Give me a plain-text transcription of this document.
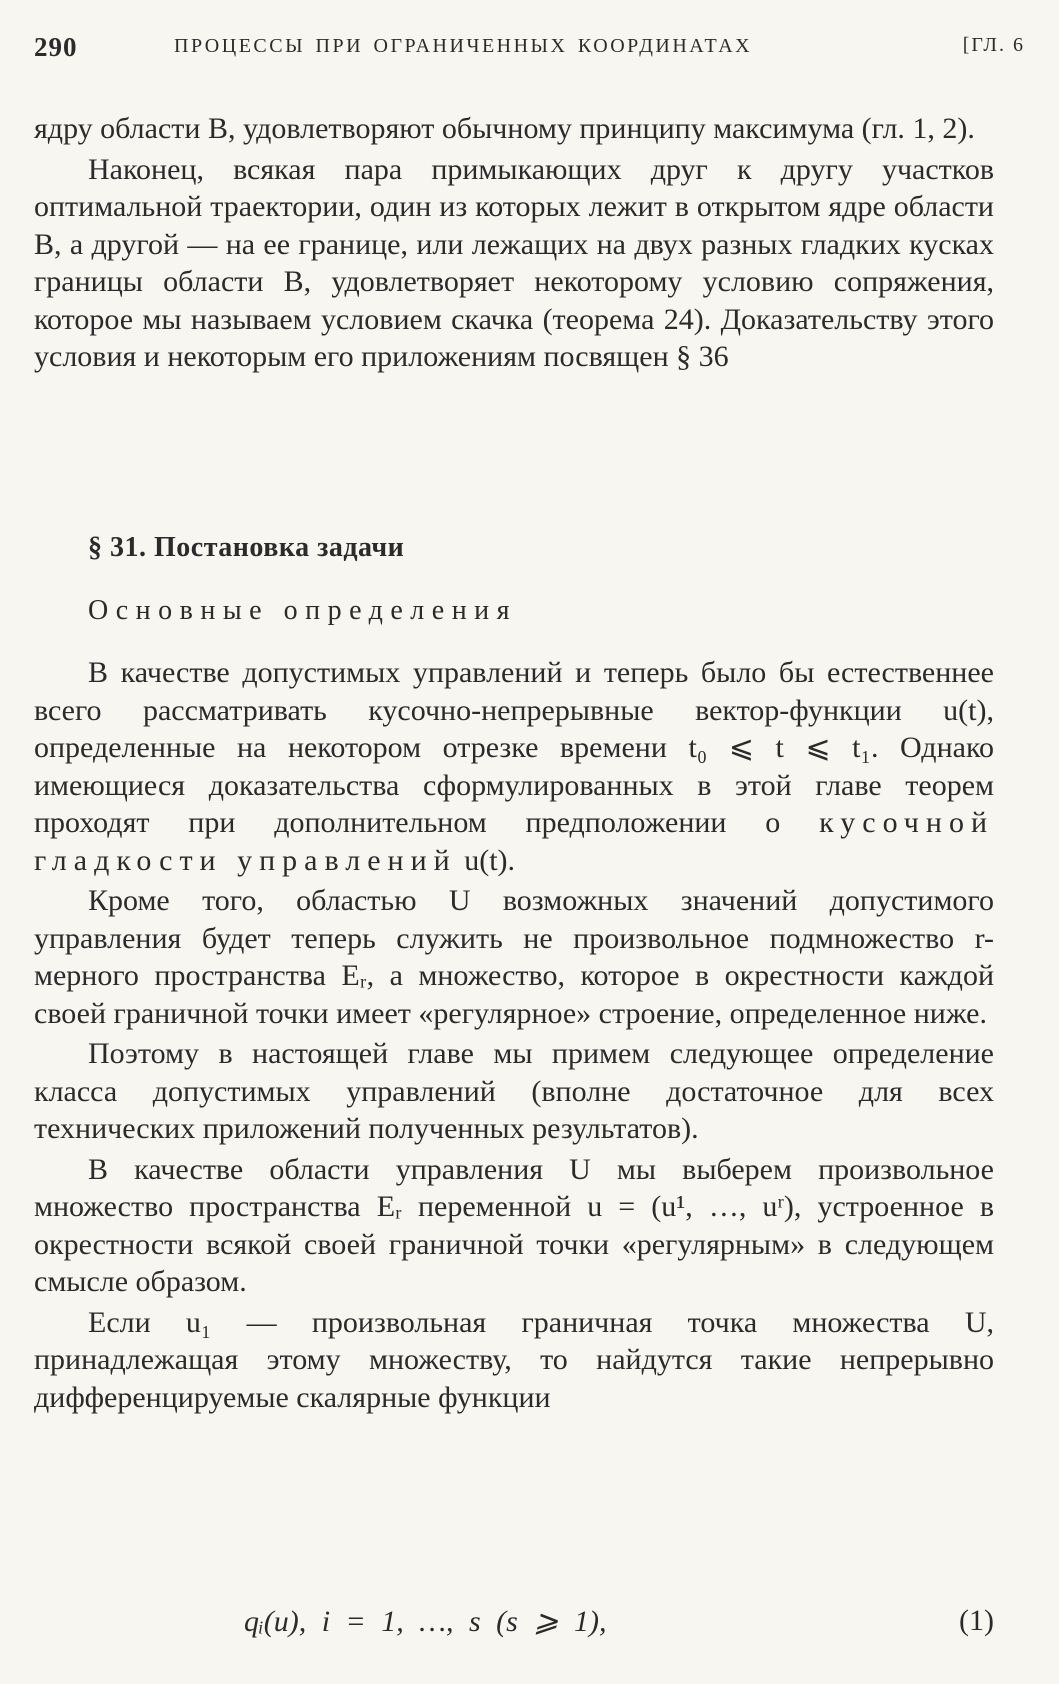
290	ПРОЦЕССЫ ПРИ ОГРАНИЧЕННЫХ КООРДИНАТАХ	[ГЛ. 6

ядру области B, удовлетворяют обычному принципу максимума (гл. 1, 2).

Наконец, всякая пара примыкающих друг к другу участков оптимальной траектории, один из которых лежит в открытом ядре области B, а другой — на ее границе, или лежащих на двух разных гладких кусках границы области B, удовлетворяет некоторому условию сопряжения, которое мы называем условием скачка (теорема 24). Доказательству этого условия и некоторым его приложениям посвящен § 36

§ 31. Постановка задачи
Основные определения

В качестве допустимых управлений и теперь было бы естественнее всего рассматривать кусочно-непрерывные вектор-функции u(t), определенные на некотором отрезке времени t₀ ⩽ t ⩽ t₁. Однако имеющиеся доказательства сформулированных в этой главе теорем проходят при дополнительном предположении о кусочной гладкости управлений u(t).

Кроме того, областью U возможных значений допустимого управления будет теперь служить не произвольное подмножество r-мерного пространства Eᵣ, а множество, которое в окрестности каждой своей граничной точки имеет «регулярное» строение, определенное ниже.

Поэтому в настоящей главе мы примем следующее определение класса допустимых управлений (вполне достаточное для всех технических приложений полученных результатов).

В качестве области управления U мы выберем произвольное множество пространства Eᵣ переменной u = (u¹, …, uʳ), устроенное в окрестности всякой своей граничной точки «регулярным» в следующем смысле образом.

Если u₁ — произвольная граничная точка множества U, принадлежащая этому множеству, то найдутся такие непрерывно дифференцируемые скалярные функции

qᵢ(u), i = 1, …, s (s ⩾ 1),	(1)
